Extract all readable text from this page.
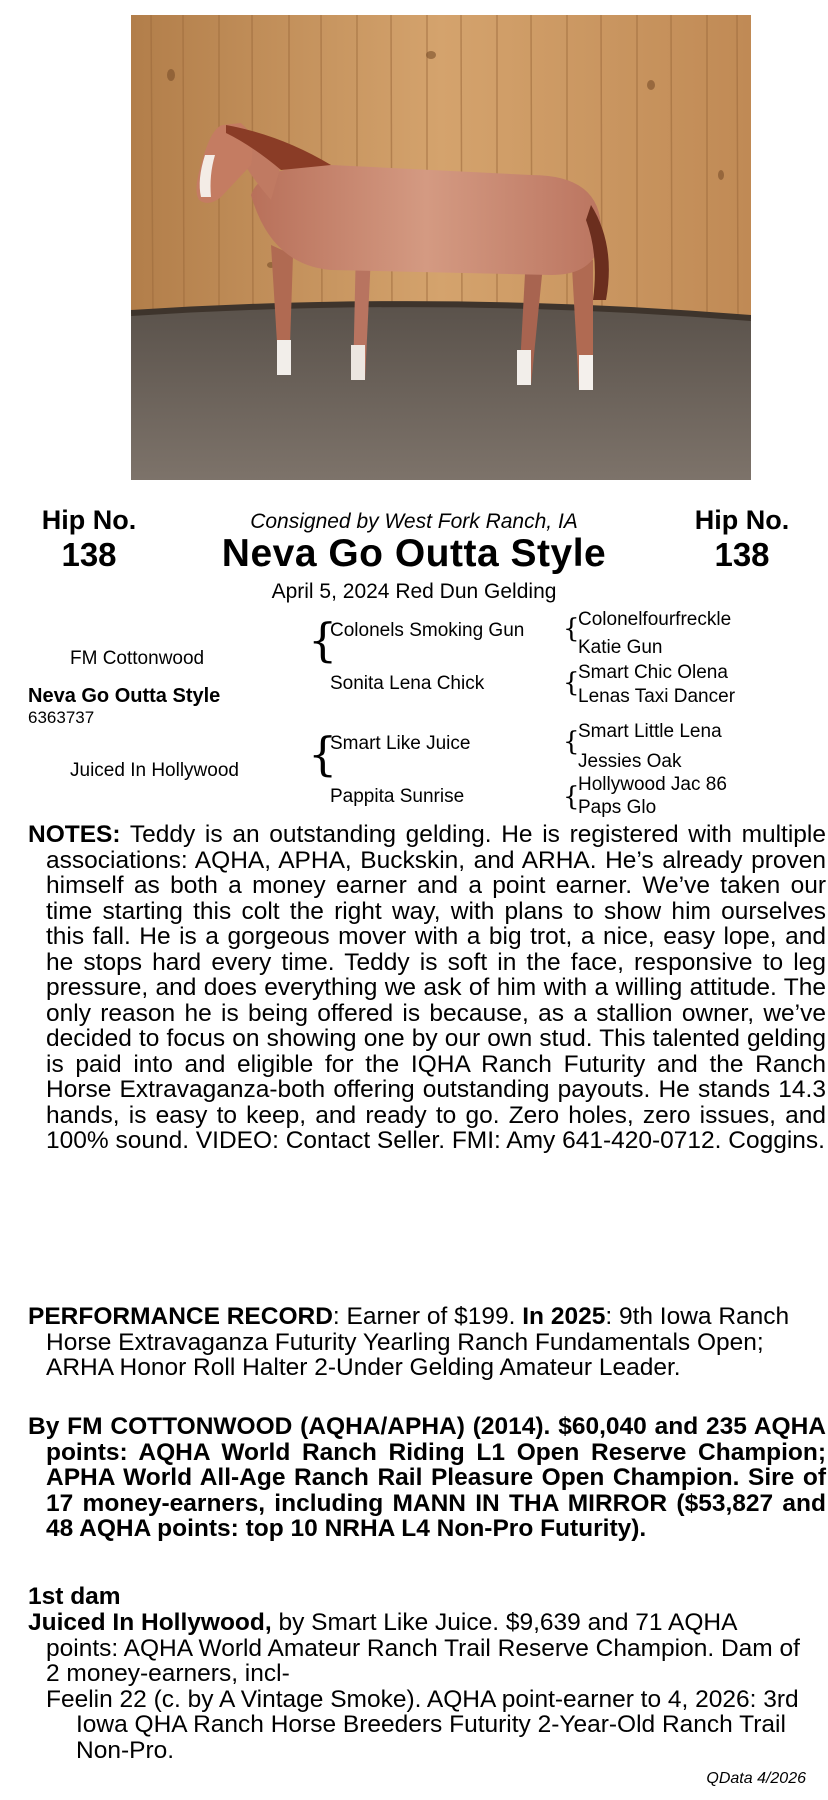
Hip No.
138
Hip No.
138
Consigned by West Fork Ranch, IA
Neva Go Outta Style
April 5, 2024 Red Dun Gelding
FM Cottonwood
Neva Go Outta Style
6363737
Juiced In Hollywood
{
{
Colonels Smoking Gun
Sonita Lena Chick
Smart Like Juice
Pappita Sunrise
{
{
{
{
Colonelfourfreckle
Katie Gun
Smart Chic Olena
Lenas Taxi Dancer
Smart Little Lena
Jessies Oak
Hollywood Jac 86
Paps Glo
NOTES: Teddy is an outstanding gelding. He is registered with multiple associations: AQHA, APHA, Buckskin, and ARHA. He’s already proven himself as both a money earner and a point earner. We’ve taken our time starting this colt the right way, with plans to show him ourselves this fall. He is a gorgeous mover with a big trot, a nice, easy lope, and he stops hard every time. Teddy is soft in the face, responsive to leg pressure, and does everything we ask of him with a willing attitude. The only reason he is being offered is because, as a stallion owner, we’ve decided to focus on showing one by our own stud. This talented gelding is paid into and eligible for the IQHA Ranch Futurity and the Ranch Horse Extravaganza-both offering outstanding payouts. He stands 14.3 hands, is easy to keep, and ready to go. Zero holes, zero issues, and 100% sound. VIDEO: Contact Seller. FMI: Amy 641-420-0712. Coggins.
PERFORMANCE RECORD: Earner of $199. In 2025: 9th Iowa Ranch Horse Extravaganza Futurity Yearling Ranch Fundamentals Open; ARHA Honor Roll Halter 2-Under Gelding Amateur Leader.
By FM COTTONWOOD (AQHA/APHA) (2014). $60,040 and 235 AQHA points: AQHA World Ranch Riding L1 Open Reserve Champion; APHA World All-Age Ranch Rail Pleasure Open Champion. Sire of 17 money-earners, including MANN IN THA MIRROR ($53,827 and 48 AQHA points: top 10 NRHA L4 Non-Pro Futurity).
1st dam
Juiced In Hollywood, by Smart Like Juice. $9,639 and 71 AQHA points: AQHA World Amateur Ranch Trail Reserve Champion. Dam of 2 money-earners, incl-
Feelin 22 (c. by A Vintage Smoke). AQHA point-earner to 4, 2026: 3rd Iowa QHA Ranch Horse Breeders Futurity 2-Year-Old Ranch Trail Non-Pro.
QData 4/2026
